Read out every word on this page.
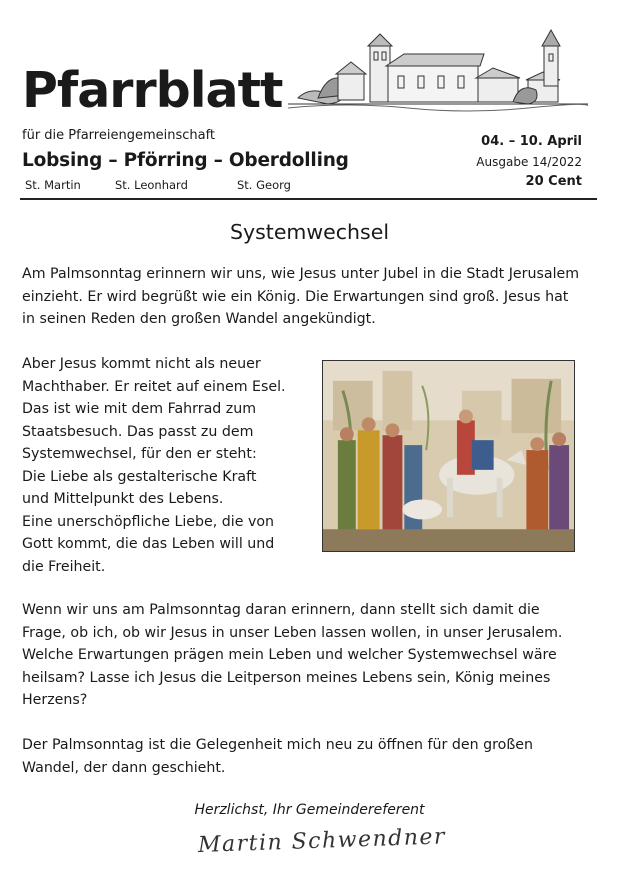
Pfarrblatt
für die Pfarreiengemeinschaft
Lobsing – Pförring – Oberdolling
St. Martin	St. Leonhard	St. Georg
04. – 10. April
Ausgabe 14/2022
20 Cent
Systemwechsel
Am Palmsonntag erinnern wir uns, wie Jesus unter Jubel in die Stadt Jerusalem einzieht. Er wird begrüßt wie ein König. Die Erwartungen sind groß. Jesus hat in seinen Reden den großen Wandel angekündigt.
Aber Jesus kommt nicht als neuer
Machthaber. Er reitet auf einem Esel.
Das ist wie mit dem Fahrrad zum
Staatsbesuch. Das passt zu dem
Systemwechsel, für den er steht:
Die Liebe als gestalterische Kraft
und Mittelpunkt des Lebens.
Eine unerschöpfliche Liebe, die von
Gott kommt, die das Leben will und
die Freiheit.
Wenn wir uns am Palmsonntag daran erinnern, dann stellt sich damit die Frage, ob ich, ob wir Jesus in unser Leben lassen wollen, in unser Jerusalem. Welche Erwartungen prägen mein Leben und welcher Systemwechsel wäre heilsam? Lasse ich Jesus die Leitperson meines Lebens sein, König meines Herzens?
Der Palmsonntag ist die Gelegenheit mich neu zu öffnen für den großen Wandel, der dann geschieht.
Herzlichst, Ihr Gemeindereferent
Martin Schwendner
